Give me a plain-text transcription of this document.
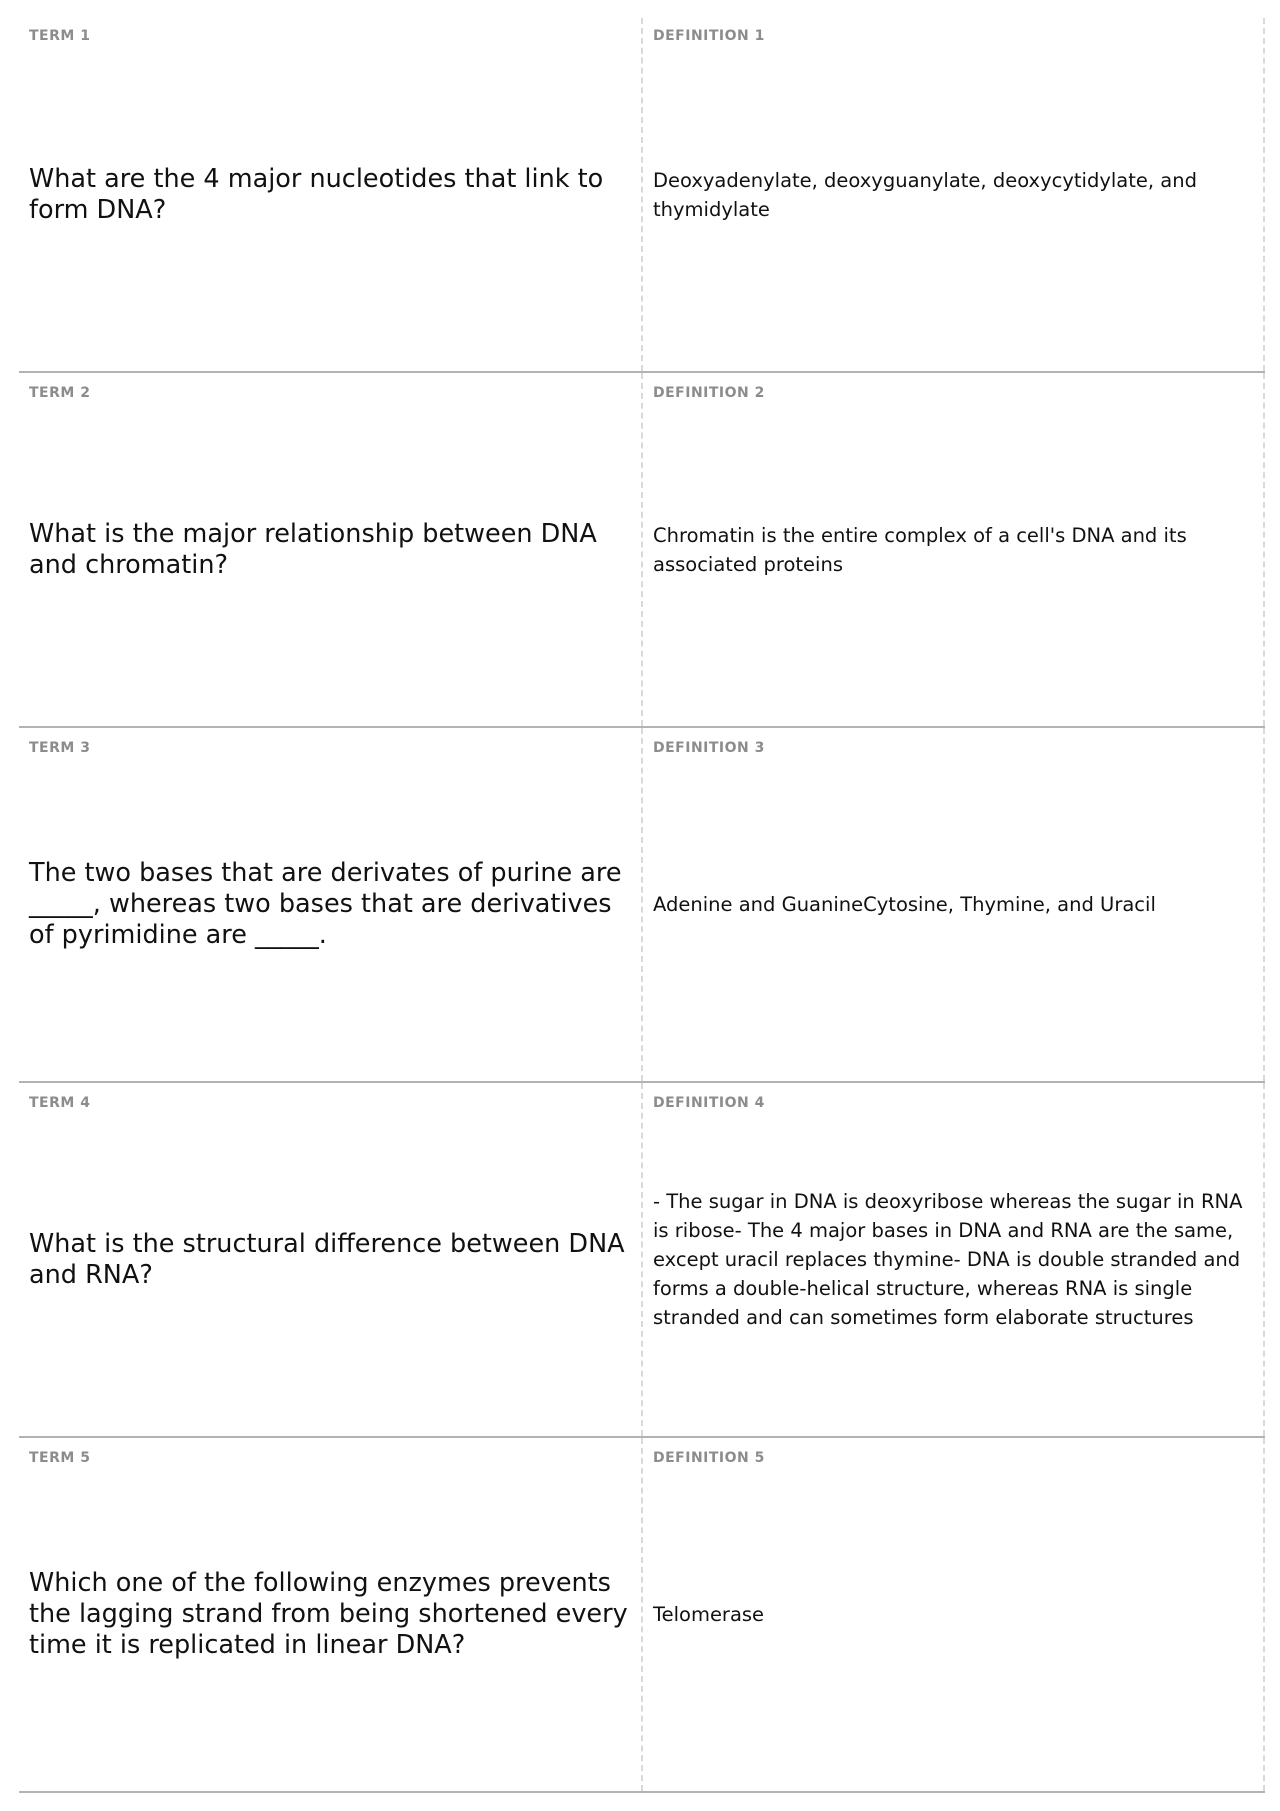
TERM 1

What are the 4 major nucleotides that link to form DNA?

DEFINITION 1

Deoxyadenylate, deoxyguanylate, deoxycytidylate, and thymidylate

TERM 2

What is the major relationship between DNA and chromatin?

DEFINITION 2

Chromatin is the entire complex of a cell's DNA and its associated proteins

TERM 3

The two bases that are derivates of purine are _____, whereas two bases that are derivatives of pyrimidine are _____.

DEFINITION 3

Adenine and GuanineCytosine, Thymine, and Uracil

TERM 4

What is the structural difference between DNA and RNA?

DEFINITION 4

- The sugar in DNA is deoxyribose whereas the sugar in RNA is ribose- The 4 major bases in DNA and RNA are the same, except uracil replaces thymine- DNA is double stranded and forms a double-helical structure, whereas RNA is single stranded and can sometimes form elaborate structures

TERM 5

Which one of the following enzymes prevents the lagging strand from being shortened every time it is replicated in linear DNA?

DEFINITION 5

Telomerase
